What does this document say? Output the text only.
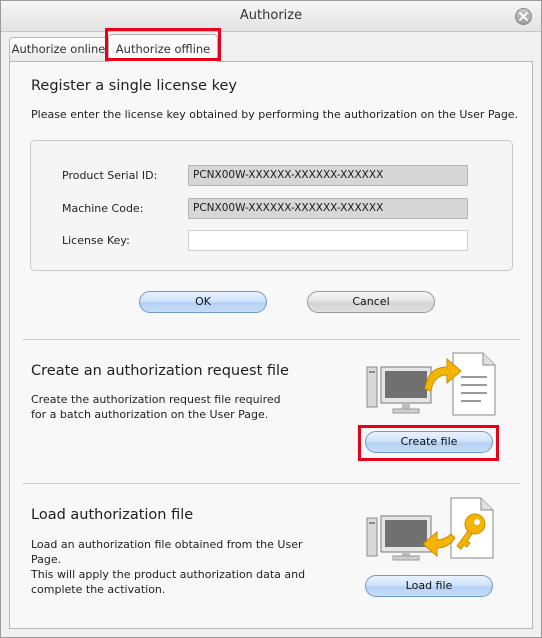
Authorize
Authorize online Authorize offline
Register a single license key
Please enter the license key obtained by performing the authorization on the User Page.
Product Serial ID:	PCNX00W-XXXXXX-XXXXXX-XXXXXX
Machine Code:	PCNX00W-XXXXXX-XXXXXX-XXXXXX
License Key:
OK	Cancel
Create an authorization request file
Create the authorization request file required
for a batch authorization on the User Page.
Create file
Load authorization file
Load an authorization file obtained from the User
Page.
This will apply the product authorization data and
complete the activation.	Load file
